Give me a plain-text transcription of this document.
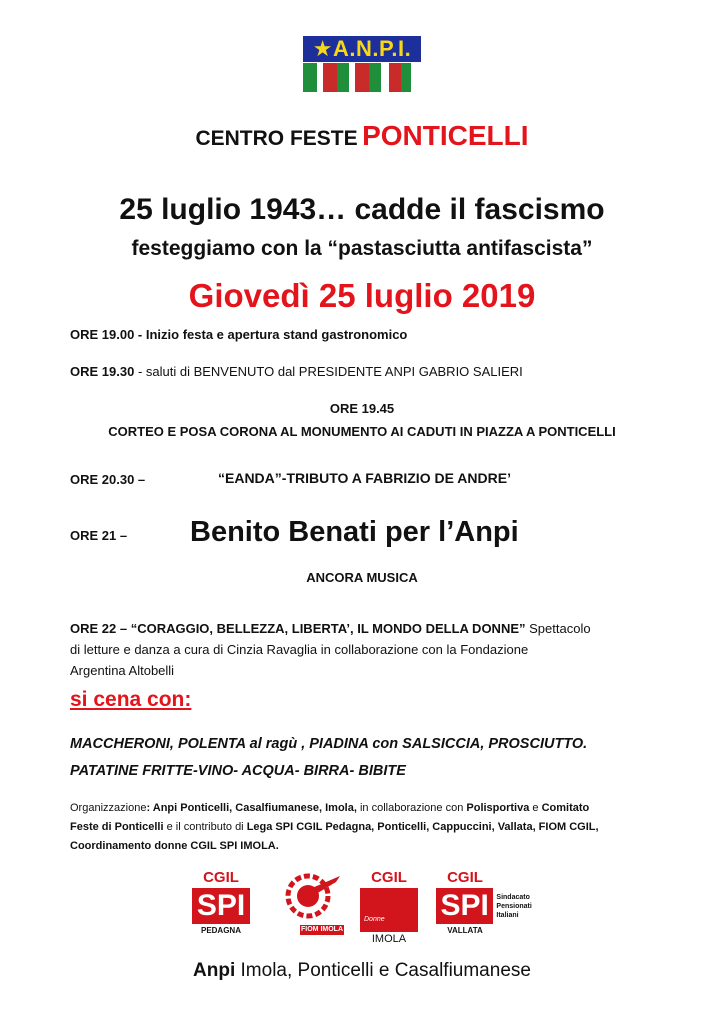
★A.N.P.I.
CENTRO FESTE PONTICELLI
25 luglio 1943… cadde il fascismo
festeggiamo con la “pastasciutta antifascista”
Giovedì 25 luglio 2019
ORE 19.00 - Inizio festa e apertura stand gastronomico
ORE 19.30 - saluti di BENVENUTO dal PRESIDENTE ANPI GABRIO SALIERI
ORE 19.45
CORTEO E POSA CORONA AL MONUMENTO AI CADUTI IN PIAZZA A PONTICELLI
ORE 20.30 –	“EANDA”-TRIBUTO A FABRIZIO DE ANDRE’
ORE 21 – Benito Benati per l’Anpi
ANCORA MUSICA
ORE 22 – “CORAGGIO, BELLEZZA, LIBERTA’, IL MONDO DELLA DONNE” Spettacolo
di letture e danza a cura di Cinzia Ravaglia in collaborazione con la Fondazione
Argentina Altobelli
si cena con:
MACCHERONI, POLENTA al ragù , PIADINA con SALSICCIA, PROSCIUTTO.
PATATINE FRITTE-VINO- ACQUA- BIRRA- BIBITE
Organizzazione: Anpi Ponticelli, Casalfiumanese, Imola, in collaborazione con Polisportiva e Comitato
Feste di Ponticelli e il contributo di Lega SPI CGIL Pedagna, Ponticelli, Cappuccini, Vallata, FIOM CGIL,
Coordinamento donne CGIL SPI IMOLA.
CGIL
SPI
PEDAGNA	FIOM IMOLA
CGIL
Donne
IMOLA
CGIL
SPI	Sindacato Pensionati Italiani
VALLATA
Anpi Imola, Ponticelli e Casalfiumanese
